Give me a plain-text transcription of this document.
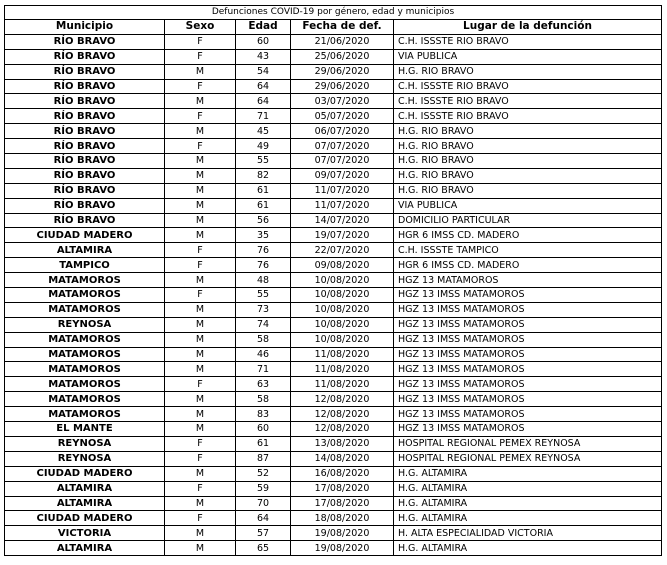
Defunciones COVID-19 por género, edad y municipios				
Municipio	Sexo	Edad	Fecha de def.	Lugar de la defunción
RÍO BRAVO	F	60	21/06/2020	C.H. ISSSTE RIO BRAVO
RÍO BRAVO	F	43	25/06/2020	VIA PUBLICA
RÍO BRAVO	M	54	29/06/2020	H.G. RIO BRAVO
RÍO BRAVO	F	64	29/06/2020	C.H. ISSSTE RIO BRAVO
RÍO BRAVO	M	64	03/07/2020	C.H. ISSSTE RIO BRAVO
RÍO BRAVO	F	71	05/07/2020	C.H. ISSSTE RIO BRAVO
RÍO BRAVO	M	45	06/07/2020	H.G. RIO BRAVO
RÍO BRAVO	F	49	07/07/2020	H.G. RIO BRAVO
RÍO BRAVO	M	55	07/07/2020	H.G. RIO BRAVO
RÍO BRAVO	M	82	09/07/2020	H.G. RIO BRAVO
RÍO BRAVO	M	61	11/07/2020	H.G. RIO BRAVO
RÍO BRAVO	M	61	11/07/2020	VIA PUBLICA
RÍO BRAVO	M	56	14/07/2020	DOMICILIO PARTICULAR
CIUDAD MADERO	M	35	19/07/2020	HGR 6 IMSS CD. MADERO
ALTAMIRA	F	76	22/07/2020	C.H. ISSSTE TAMPICO
TAMPICO	F	76	09/08/2020	HGR 6 IMSS CD. MADERO
MATAMOROS	M	48	10/08/2020	HGZ 13 MATAMOROS
MATAMOROS	F	55	10/08/2020	HGZ 13 IMSS MATAMOROS
MATAMOROS	M	73	10/08/2020	HGZ 13 IMSS MATAMOROS
REYNOSA	M	74	10/08/2020	HGZ 13 IMSS MATAMOROS
MATAMOROS	M	58	10/08/2020	HGZ 13 IMSS MATAMOROS
MATAMOROS	M	46	11/08/2020	HGZ 13 IMSS MATAMOROS
MATAMOROS	M	71	11/08/2020	HGZ 13 IMSS MATAMOROS
MATAMOROS	F	63	11/08/2020	HGZ 13 IMSS MATAMOROS
MATAMOROS	M	58	12/08/2020	HGZ 13 IMSS MATAMOROS
MATAMOROS	M	83	12/08/2020	HGZ 13 IMSS MATAMOROS
EL MANTE	M	60	12/08/2020	HGZ 13 IMSS MATAMOROS
REYNOSA	F	61	13/08/2020	HOSPITAL REGIONAL PEMEX REYNOSA
REYNOSA	F	87	14/08/2020	HOSPITAL REGIONAL PEMEX REYNOSA
CIUDAD MADERO	M	52	16/08/2020	H.G. ALTAMIRA
ALTAMIRA	F	59	17/08/2020	H.G. ALTAMIRA
ALTAMIRA	M	70	17/08/2020	H.G. ALTAMIRA
CIUDAD MADERO	F	64	18/08/2020	H.G. ALTAMIRA
VICTORIA	M	57	19/08/2020	H. ALTA ESPECIALIDAD VICTORIA
ALTAMIRA	M	65	19/08/2020	H.G. ALTAMIRA
